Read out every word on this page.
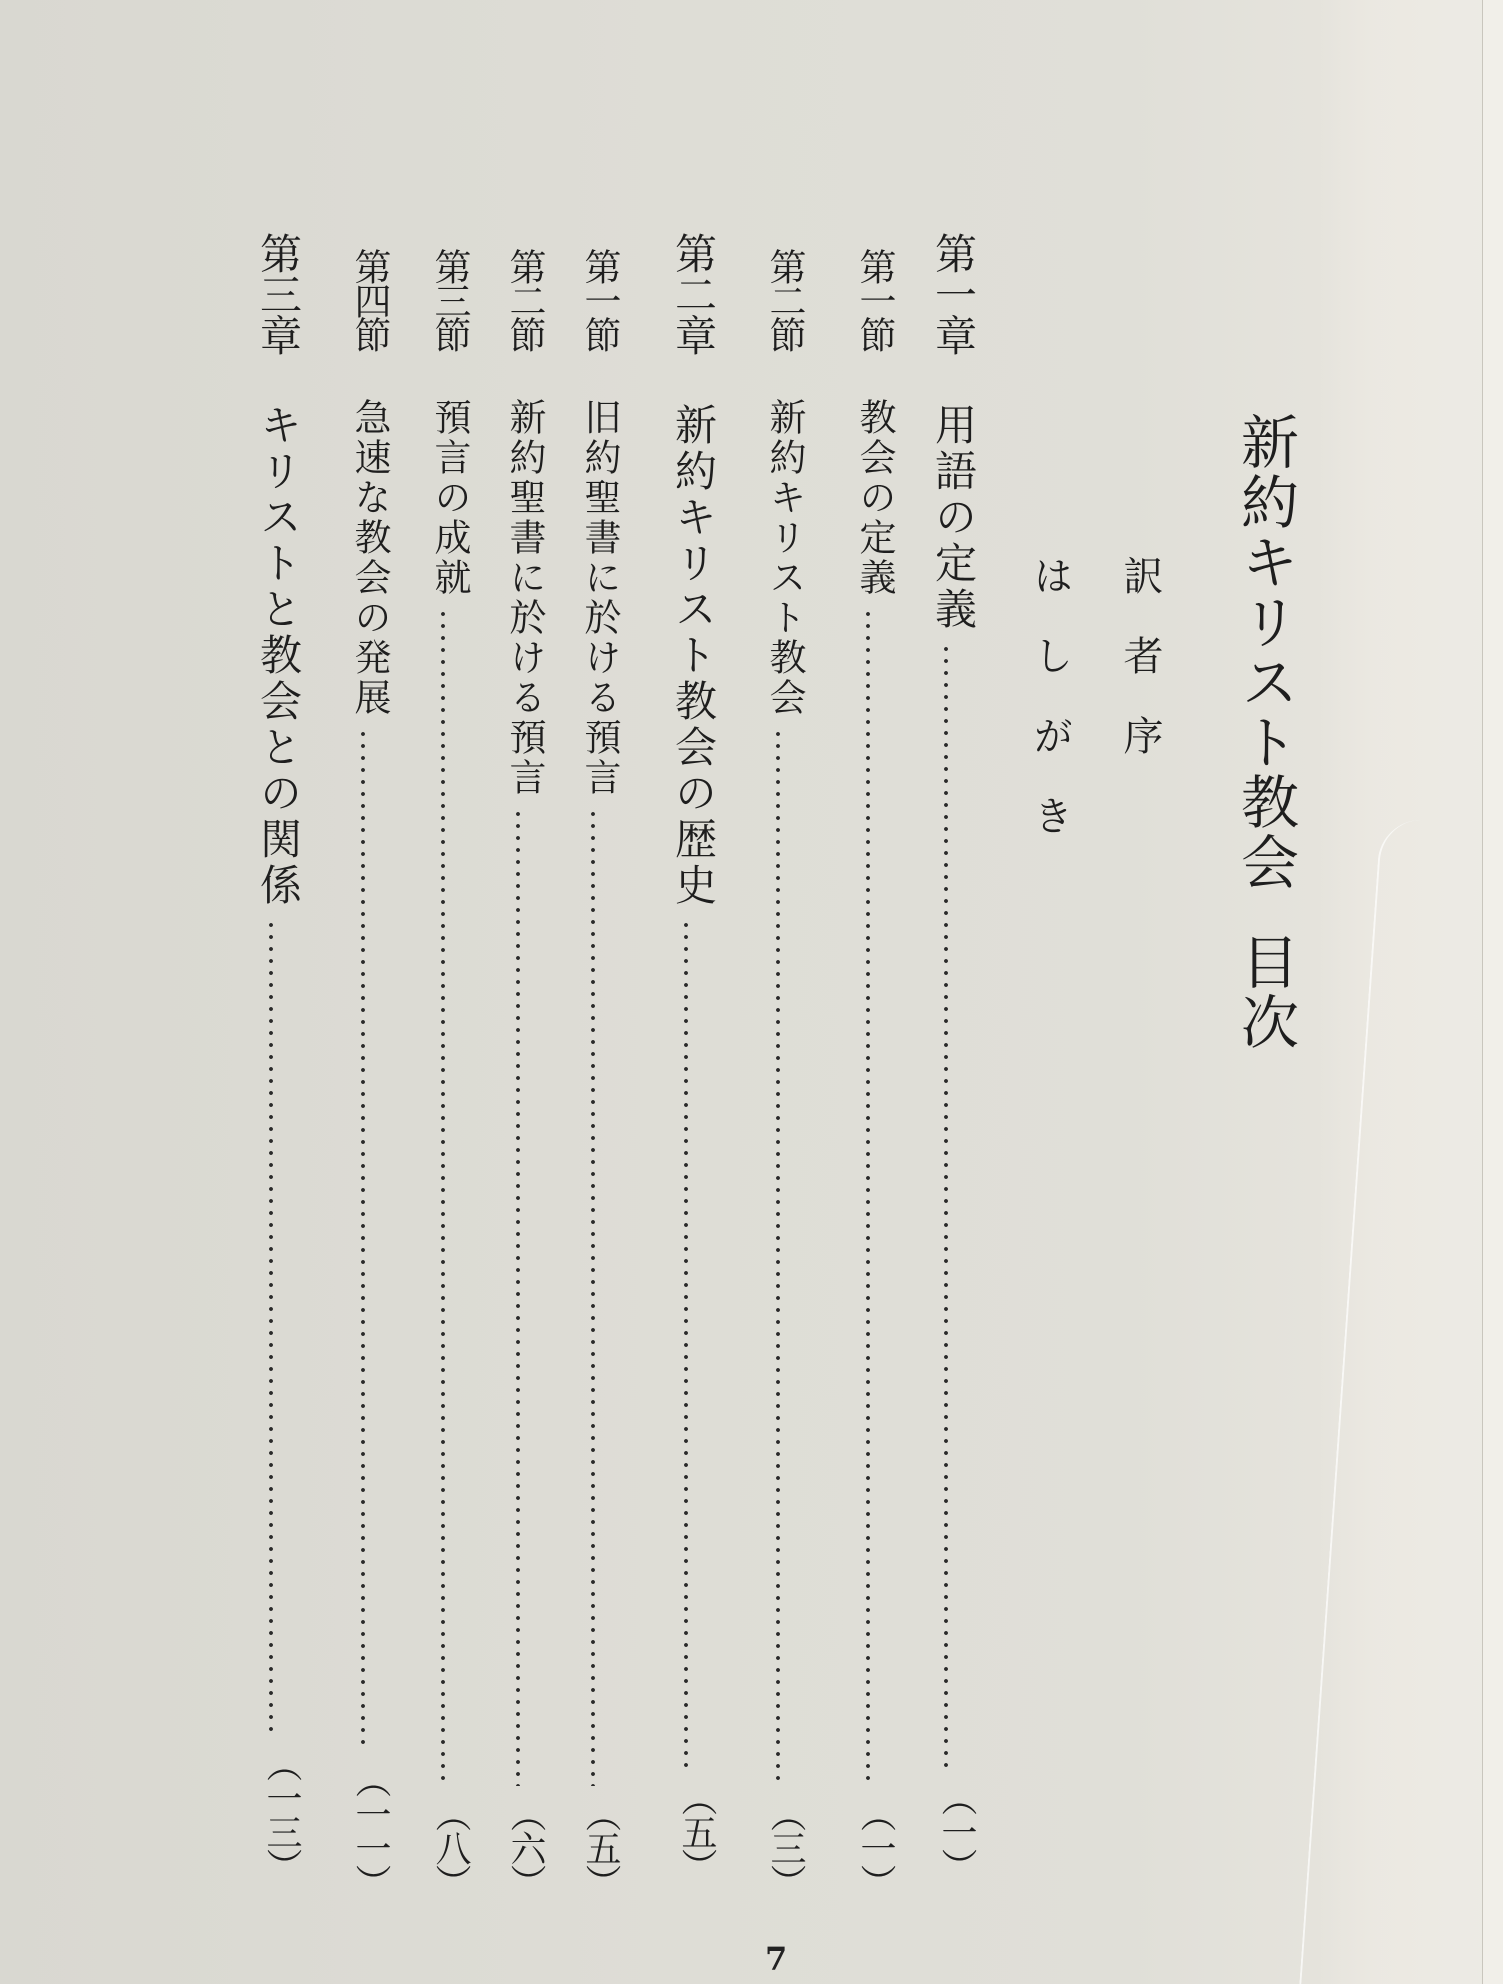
新約キリスト教会目次
訳者序
はしがき
第一章
用語の定義
（一）
第一節
教会の定義
（一）
第二節
新約キリスト教会
（三）
第二章
新約キリスト教会の歴史
（五）
第一節
旧約聖書に於ける預言
（五）
第二節
新約聖書に於ける預言
（六）
第三節
預言の成就
（八）
第四節
急速な教会の発展
（一一）
第三章
キリストと教会との関係
（一三）
7
